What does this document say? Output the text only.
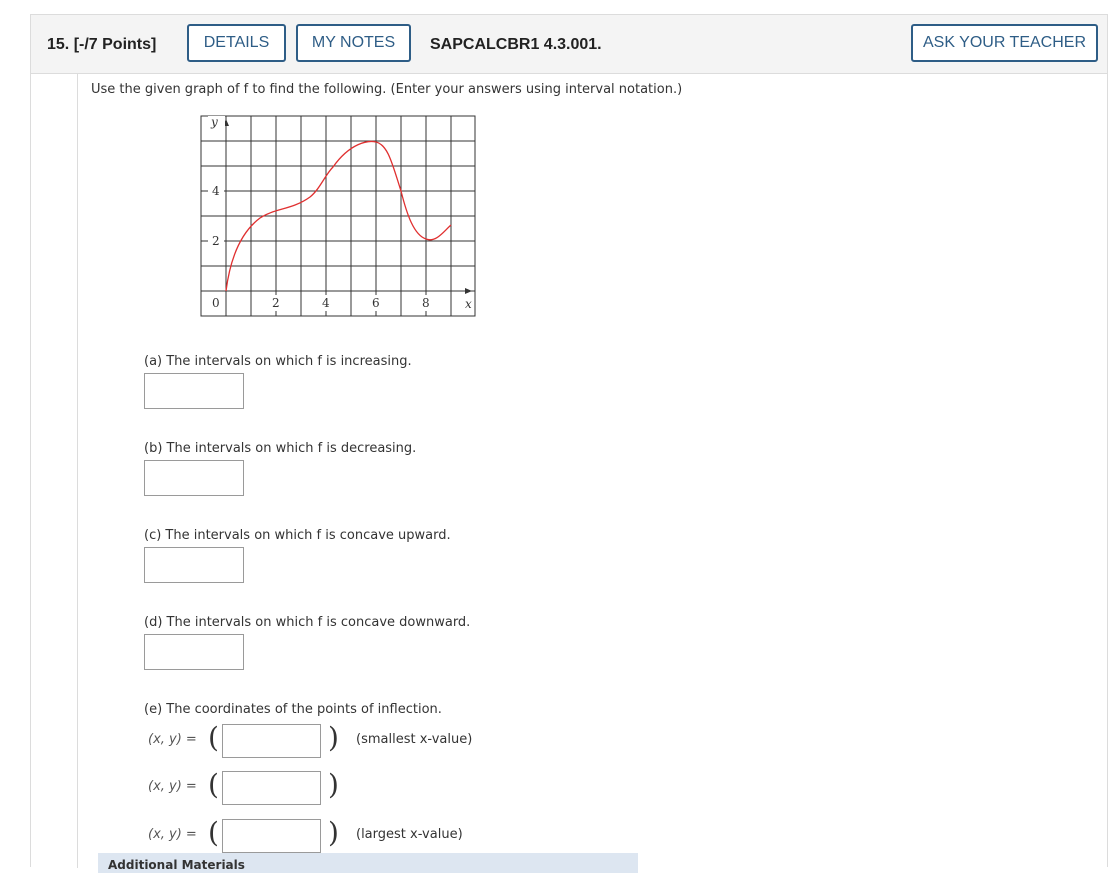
15. [-/7 Points]	DETAILS	MY NOTES	SAPCALCBR1 4.3.001.	ASK YOUR TEACHER
Use the given graph of f to find the following. (Enter your answers using interval notation.)
y
x
0	2	4	6	8
2
4
(a) The intervals on which f is increasing.
(b) The intervals on which f is decreasing.
(c) The intervals on which f is concave upward.
(d) The intervals on which f is concave downward.
(e) The coordinates of the points of inflection.
(x, y) = (	) (smallest x-value)
(x, y) = (	)
(x, y) = (	) (largest x-value)
Additional Materials
